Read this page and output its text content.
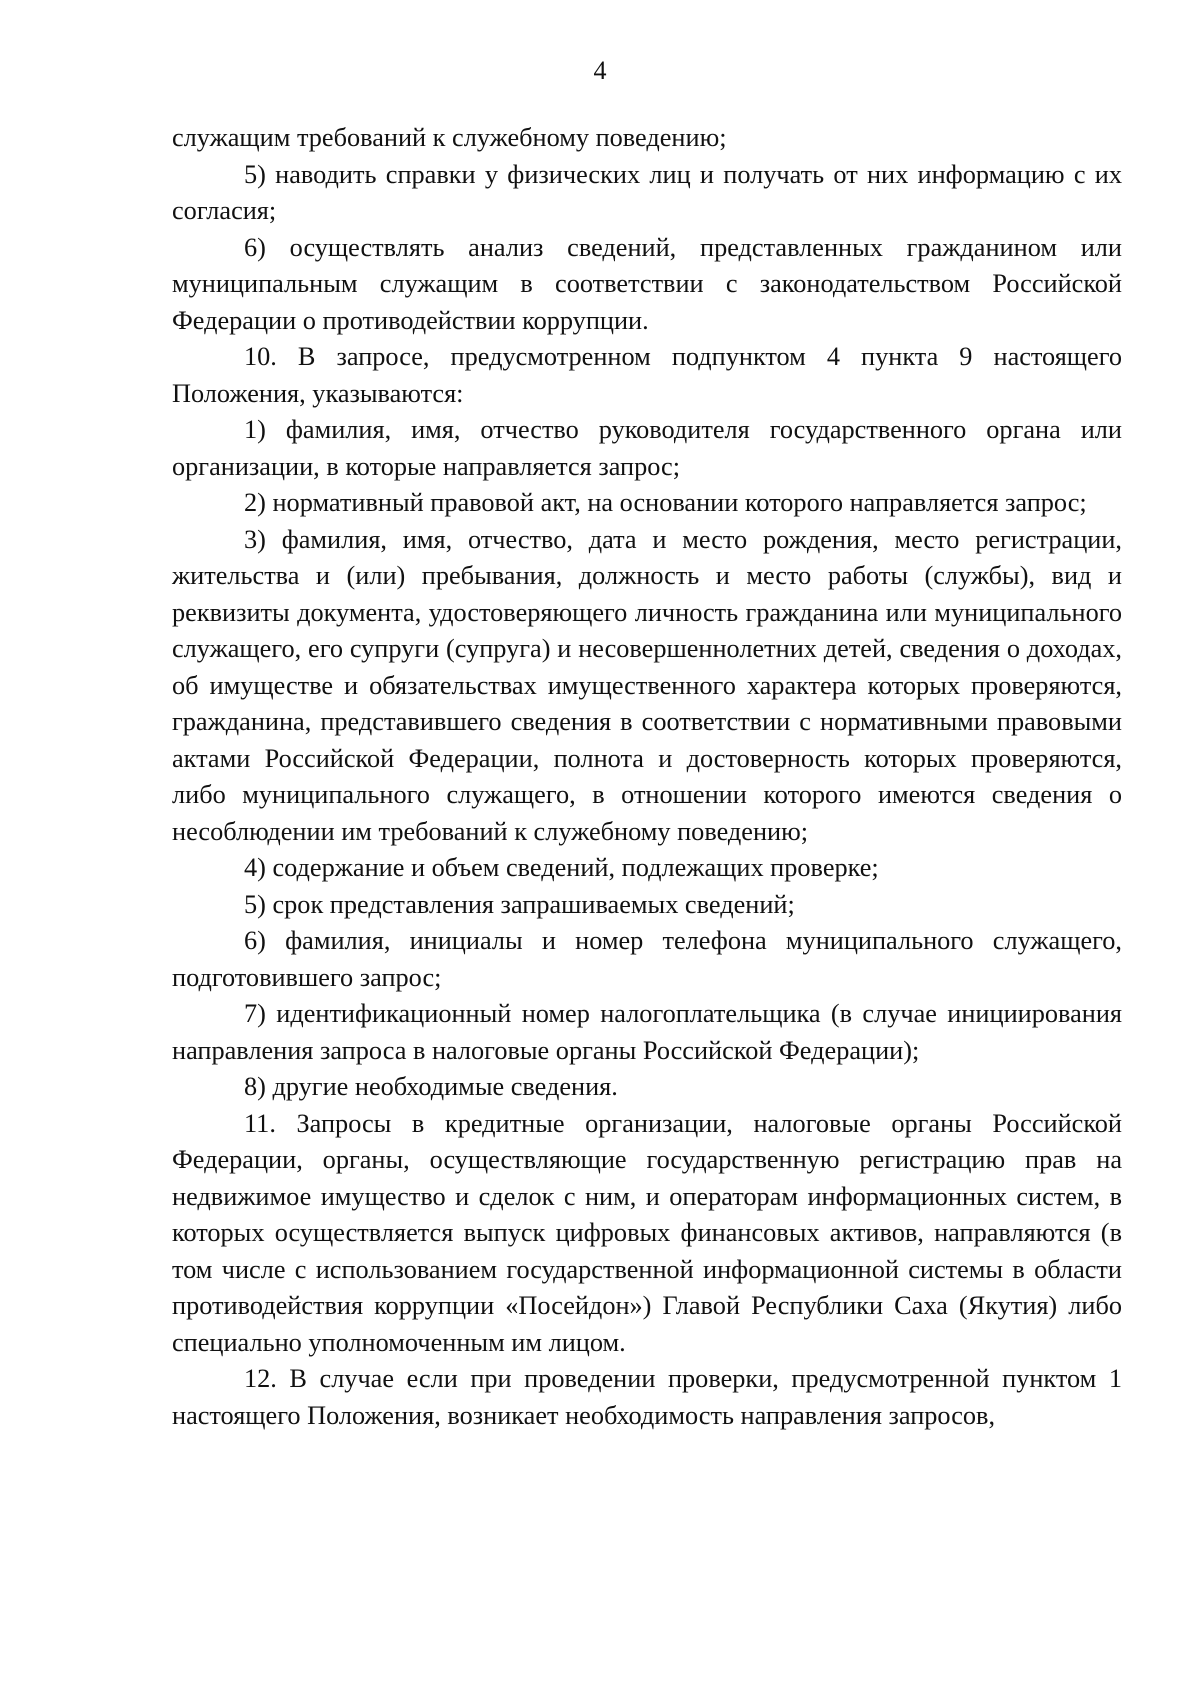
4

служащим требований к служебному поведению;

5) наводить справки у физических лиц и получать от них информацию с их согласия;

6) осуществлять анализ сведений, представленных гражданином или муниципальным служащим в соответствии с законодательством Российской Федерации о противодействии коррупции.

10. В запросе, предусмотренном подпунктом 4 пункта 9 настоящего Положения, указываются:

1) фамилия, имя, отчество руководителя государственного органа или организации, в которые направляется запрос;

2) нормативный правовой акт, на основании которого направляется запрос;

3) фамилия, имя, отчество, дата и место рождения, место регистрации, жительства и (или) пребывания, должность и место работы (службы), вид и реквизиты документа, удостоверяющего личность гражданина или муниципального служащего, его супруги (супруга) и несовершеннолетних детей, сведения о доходах, об имуществе и обязательствах имущественного характера которых проверяются, гражданина, представившего сведения в соответствии с нормативными правовыми актами Российской Федерации, полнота и достоверность которых проверяются, либо муниципального служащего, в отношении которого имеются сведения о несоблюдении им требований к служебному поведению;

4) содержание и объем сведений, подлежащих проверке;

5) срок представления запрашиваемых сведений;

6) фамилия, инициалы и номер телефона муниципального служащего, подготовившего запрос;

7) идентификационный номер налогоплательщика (в случае инициирования направления запроса в налоговые органы Российской Федерации);

8) другие необходимые сведения.

11. Запросы в кредитные организации, налоговые органы Российской Федерации, органы, осуществляющие государственную регистрацию прав на недвижимое имущество и сделок с ним, и операторам информационных систем, в которых осуществляется выпуск цифровых финансовых активов, направляются (в том числе с использованием государственной информационной системы в области противодействия коррупции «Посейдон») Главой Республики Саха (Якутия) либо специально уполномоченным им лицом.

12. В случае если при проведении проверки, предусмотренной пунктом 1 настоящего Положения, возникает необходимость направления запросов,
